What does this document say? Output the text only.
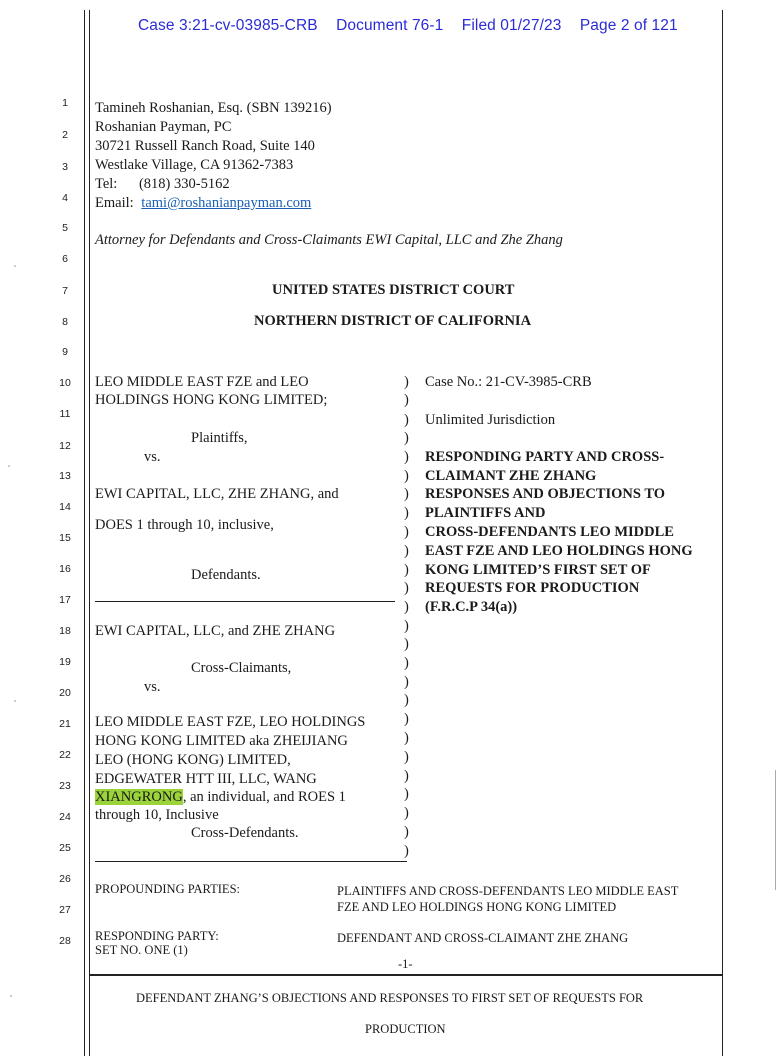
Case 3:21-cv-03985-CRB Document 76-1 Filed 01/27/23 Page 2 of 121
1
2
3
4
5
6
7
8
9
10
11
12
13
14
15
16
17
18
19
20
21
22
23
24
25
26
27
28
Tamineh Roshanian, Esq. (SBN 139216)
Roshanian Payman, PC
30721 Russell Ranch Road, Suite 140
Westlake Village, CA 91362-7383
Tel: (818) 330-5162
Email: tami@roshanianpayman.com
Attorney for Defendants and Cross-Claimants EWI Capital, LLC and Zhe Zhang
UNITED STATES DISTRICT COURT
NORTHERN DISTRICT OF CALIFORNIA
LEO MIDDLE EAST FZE and LEO
HOLDINGS HONG KONG LIMITED;
Plaintiffs,
vs.
EWI CAPITAL, LLC, ZHE ZHANG, and
DOES 1 through 10, inclusive,
Defendants.
EWI CAPITAL, LLC, and ZHE ZHANG
Cross-Claimants,
vs.
LEO MIDDLE EAST FZE, LEO HOLDINGS
HONG KONG LIMITED aka ZHEIJIANG
LEO (HONG KONG) LIMITED,
EDGEWATER HTT III, LLC, WANG
XIANGRONG, an individual, and ROES 1
through 10, Inclusive
Cross-Defendants.
)
)
)
)
)
)
)
)
)
)
)
)
)
)
)
)
)
)
)
)
)
)
)
)
)
)
Case No.: 21-CV-3985-CRB
Unlimited Jurisdiction
RESPONDING PARTY AND CROSS-
CLAIMANT ZHE ZHANG
RESPONSES AND OBJECTIONS TO
PLAINTIFFS AND
CROSS-DEFENDANTS LEO MIDDLE
EAST FZE AND LEO HOLDINGS HONG
KONG LIMITED’S FIRST SET OF
REQUESTS FOR PRODUCTION
(F.R.C.P 34(a))
PROPOUNDING PARTIES:	PLAINTIFFS AND CROSS-DEFENDANTS LEO MIDDLE EAST
FZE AND LEO HOLDINGS HONG KONG LIMITED
RESPONDING PARTY:	DEFENDANT AND CROSS-CLAIMANT ZHE ZHANG
SET NO. ONE (1)
-1-
DEFENDANT ZHANG’S OBJECTIONS AND RESPONSES TO FIRST SET OF REQUESTS FOR
PRODUCTION
